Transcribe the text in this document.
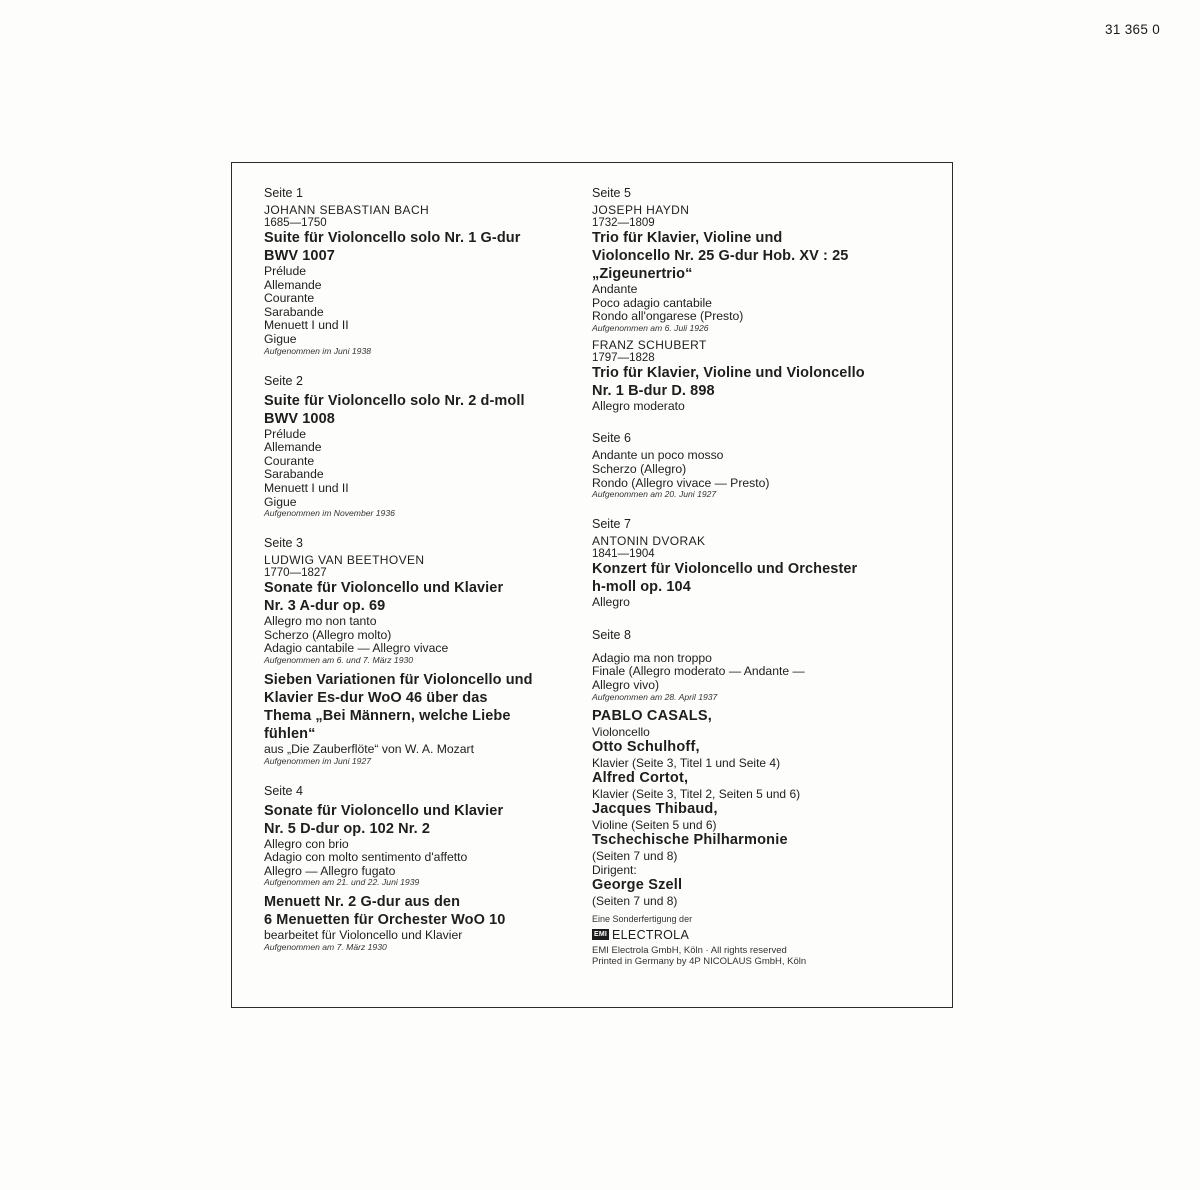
31 365 0
Seite 1
JOHANN SEBASTIAN BACH
1685—1750
Suite für Violoncello solo Nr. 1 G-dur
BWV 1007
Prélude
Allemande
Courante
Sarabande
Menuett I und II
Gigue
Aufgenommen im Juni 1938
Seite 2
Suite für Violoncello solo Nr. 2 d-moll
BWV 1008
Prélude
Allemande
Courante
Sarabande
Menuett I und II
Gigue
Aufgenommen im November 1936
Seite 3
LUDWIG VAN BEETHOVEN
1770—1827
Sonate für Violoncello und Klavier
Nr. 3 A-dur op. 69
Allegro mo non tanto
Scherzo (Allegro molto)
Adagio cantabile — Allegro vivace
Aufgenommen am 6. und 7. März 1930
Sieben Variationen für Violoncello und
Klavier Es-dur WoO 46 über das
Thema „Bei Männern, welche Liebe
fühlen“
aus „Die Zauberflöte“ von W. A. Mozart
Aufgenommen im Juni 1927
Seite 4
Sonate für Violoncello und Klavier
Nr. 5 D-dur op. 102 Nr. 2
Allegro con brio
Adagio con molto sentimento d'affetto
Allegro — Allegro fugato
Aufgenommen am 21. und 22. Juni 1939
Menuett Nr. 2 G-dur aus den
6 Menuetten für Orchester WoO 10
bearbeitet für Violoncello und Klavier
Aufgenommen am 7. März 1930
Seite 5
JOSEPH HAYDN
1732—1809
Trio für Klavier, Violine und
Violoncello Nr. 25 G-dur Hob. XV : 25
„Zigeunertrio“
Andante
Poco adagio cantabile
Rondo all'ongarese (Presto)
Aufgenommen am 6. Juli 1926
FRANZ SCHUBERT
1797—1828
Trio für Klavier, Violine und Violoncello
Nr. 1 B-dur D. 898
Allegro moderato
Seite 6
Andante un poco mosso
Scherzo (Allegro)
Rondo (Allegro vivace — Presto)
Aufgenommen am 20. Juni 1927
Seite 7
ANTONIN DVORAK
1841—1904
Konzert für Violoncello und Orchester
h-moll op. 104
Allegro
Seite 8
Adagio ma non troppo
Finale (Allegro moderato — Andante —
Allegro vivo)
Aufgenommen am 28. April 1937
PABLO CASALS,
Violoncello
Otto Schulhoff,
Klavier (Seite 3, Titel 1 und Seite 4)
Alfred Cortot,
Klavier (Seite 3, Titel 2, Seiten 5 und 6)
Jacques Thibaud,
Violine (Seiten 5 und 6)
Tschechische Philharmonie
(Seiten 7 und 8)
Dirigent:
George Szell
(Seiten 7 und 8)
Eine Sonderfertigung der
EMI ELECTROLA
EMI Electrola GmbH, Köln · All rights reserved
Printed in Germany by 4P NICOLAUS GmbH, Köln
